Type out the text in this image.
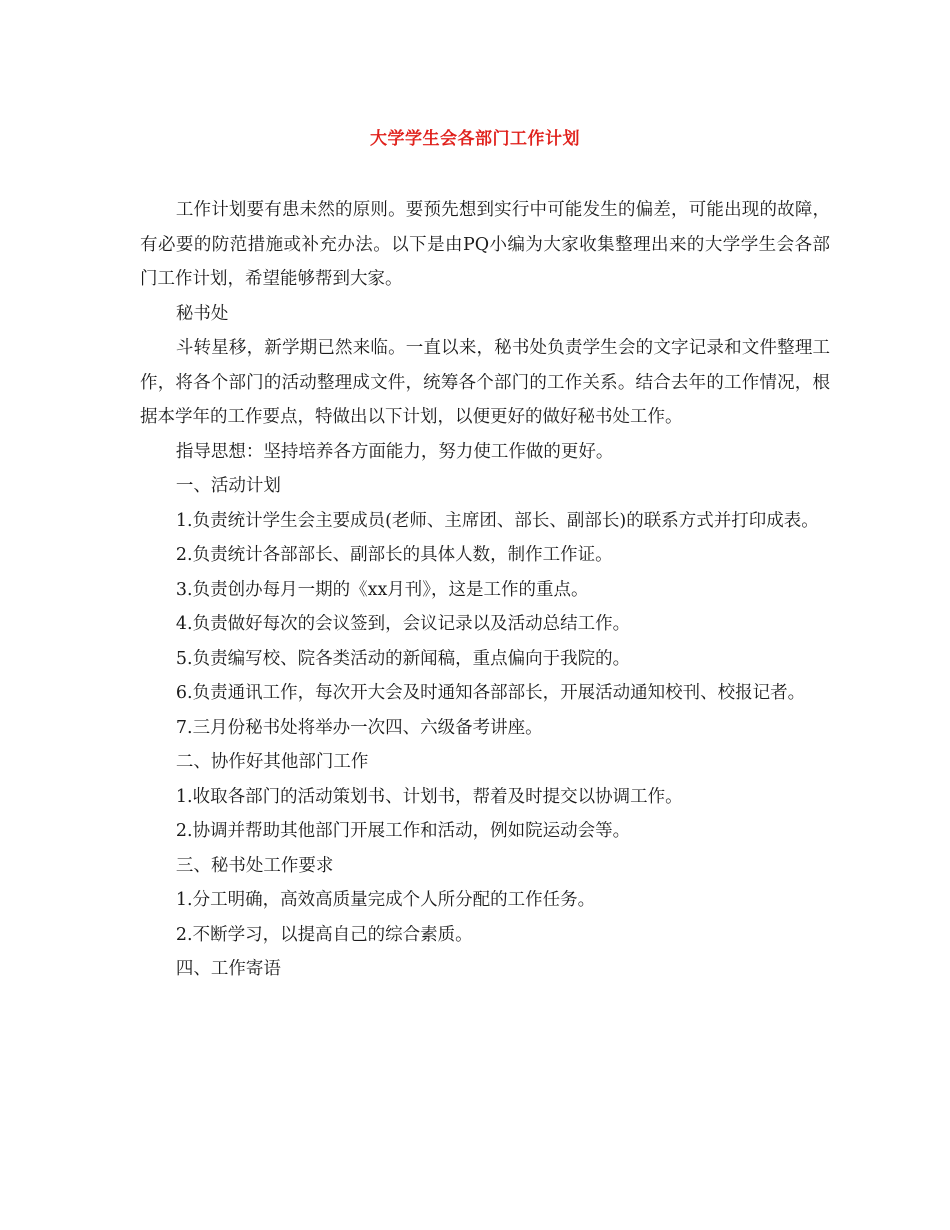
大学学生会各部门工作计划

工作计划要有患未然的原则。要预先想到实行中可能发生的偏差，可能出现的故障，有必要的防范措施或补充办法。以下是由PQ小编为大家收集整理出来的大学学生会各部门工作计划，希望能够帮到大家。

秘书处

斗转星移，新学期已然来临。一直以来，秘书处负责学生会的文字记录和文件整理工作，将各个部门的活动整理成文件，统筹各个部门的工作关系。结合去年的工作情况，根据本学年的工作要点，特做出以下计划，以便更好的做好秘书处工作。

指导思想：坚持培养各方面能力，努力使工作做的更好。

一、活动计划

1.负责统计学生会主要成员(老师、主席团、部长、副部长)的联系方式并打印成表。

2.负责统计各部部长、副部长的具体人数，制作工作证。

3.负责创办每月一期的《xx月刊》，这是工作的重点。

4.负责做好每次的会议签到，会议记录以及活动总结工作。

5.负责编写校、院各类活动的新闻稿，重点偏向于我院的。

6.负责通讯工作，每次开大会及时通知各部部长，开展活动通知校刊、校报记者。

7.三月份秘书处将举办一次四、六级备考讲座。

二、协作好其他部门工作

1.收取各部门的活动策划书、计划书，帮着及时提交以协调工作。

2.协调并帮助其他部门开展工作和活动，例如院运动会等。

三、秘书处工作要求

1.分工明确，高效高质量完成个人所分配的工作任务。

2.不断学习，以提高自己的综合素质。

四、工作寄语
